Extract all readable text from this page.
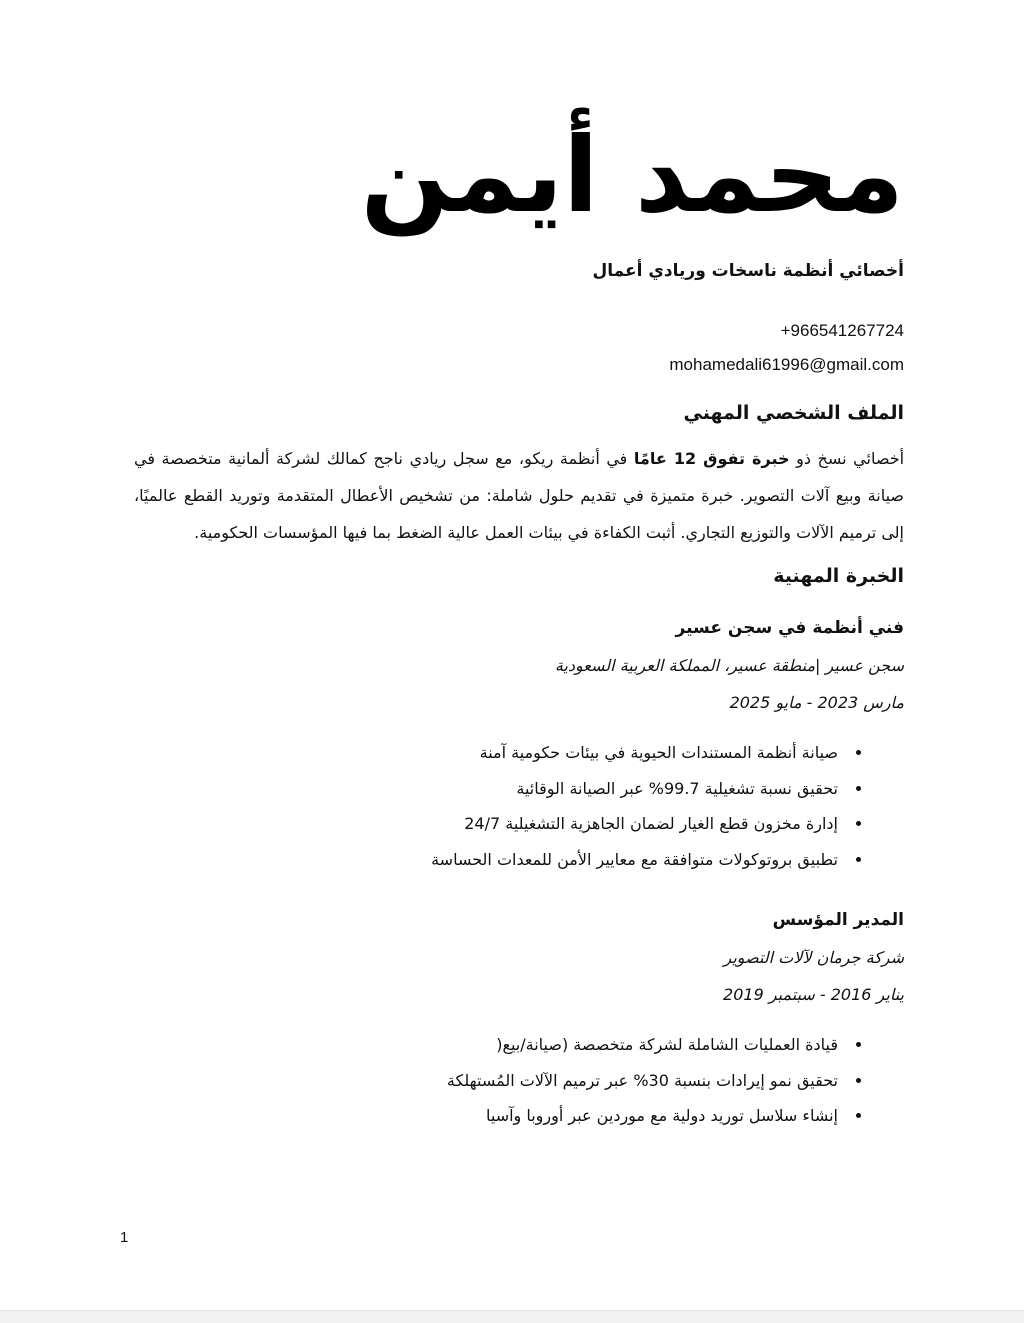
محمد أيمن
أخصائي أنظمة ناسخات وريادي أعمال
+966541267724
mohamedali61996@gmail.com
الملف الشخصي المهني
أخصائي نسخ ذو خبرة تفوق 12 عامًا في أنظمة ريكو، مع سجل ريادي ناجح كمالك لشركة ألمانية متخصصة في صيانة وبيع آلات التصوير. خبرة متميزة في تقديم حلول شاملة: من تشخيص الأعطال المتقدمة وتوريد القطع عالميًا، إلى ترميم الآلات والتوزيع التجاري. أثبت الكفاءة في بيئات العمل عالية الضغط بما فيها المؤسسات الحكومية.
الخبرة المهنية
فني أنظمة في سجن عسير
سجن عسير |منطقة عسير، المملكة العربية السعودية
مارس 2023 - مايو 2025
• صيانة أنظمة المستندات الحيوية في بيئات حكومية آمنة
• تحقيق نسبة تشغيلية 99.7% عبر الصيانة الوقائية
• إدارة مخزون قطع الغيار لضمان الجاهزية التشغيلية 24/7
• تطبيق بروتوكولات متوافقة مع معايير الأمن للمعدات الحساسة
المدير المؤسس
شركة جرمان لآلات التصوير
يناير 2016 - سبتمبر 2019
• قيادة العمليات الشاملة لشركة متخصصة (صيانة/بيع(
• تحقيق نمو إيرادات بنسبة 30% عبر ترميم الآلات المُستهلكة
• إنشاء سلاسل توريد دولية مع موردين عبر أوروبا وآسيا
1
